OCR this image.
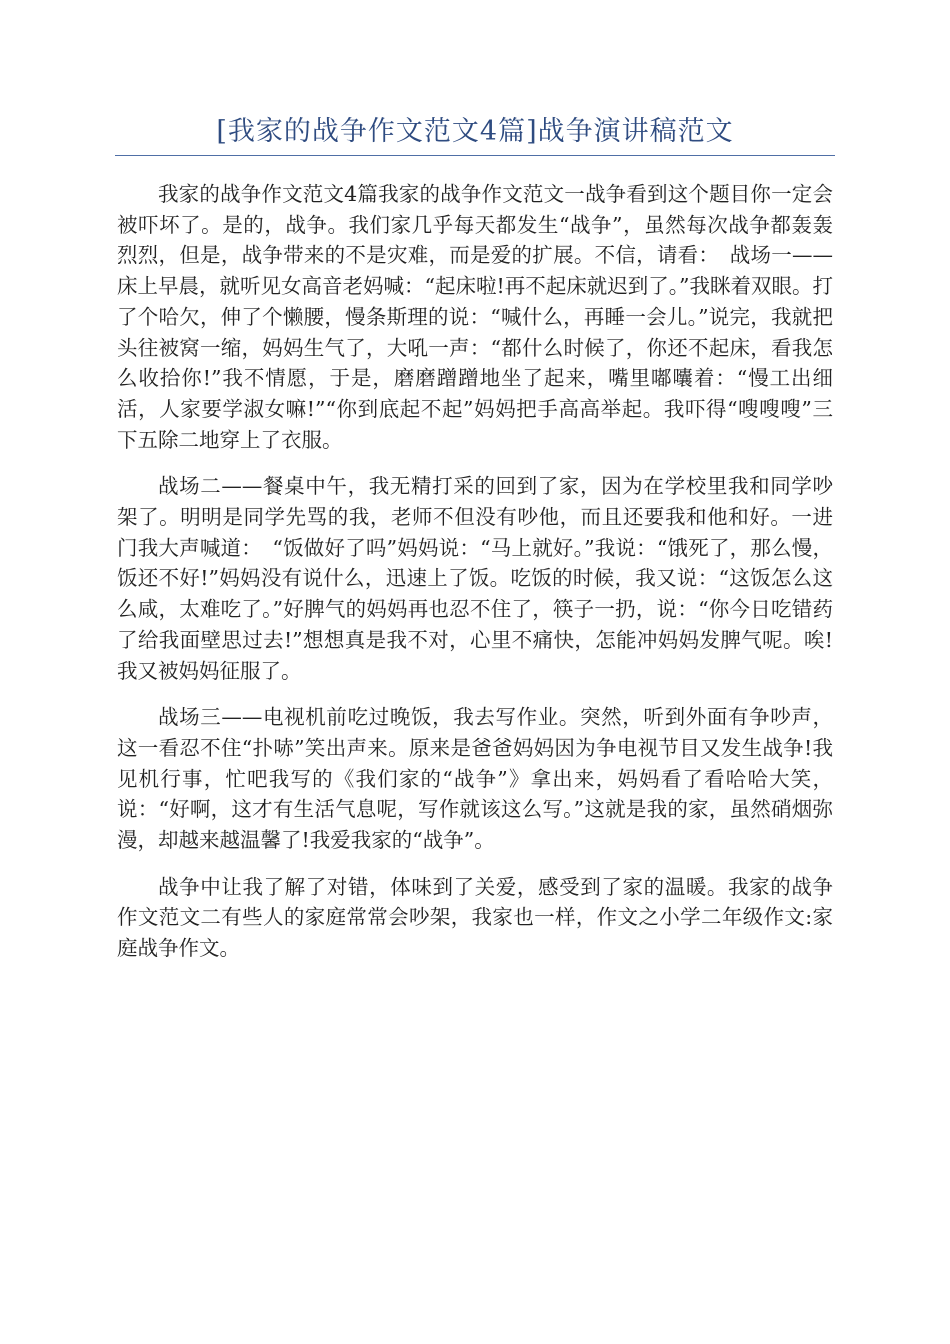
[我家的战争作文范文4篇]战争演讲稿范文

我家的战争作文范文4篇我家的战争作文范文一战争看到这个题目你一定会被吓坏了。是的，战争。我们家几乎每天都发生“战争”，虽然每次战争都轰轰烈烈，但是，战争带来的不是灾难，而是爱的扩展。不信，请看：　战场一——床上早晨，就听见女高音老妈喊：“起床啦!再不起床就迟到了。”我眯着双眼。打了个哈欠，伸了个懒腰，慢条斯理的说：“喊什么，再睡一会儿。”说完，我就把头往被窝一缩，妈妈生气了，大吼一声：“都什么时候了，你还不起床，看我怎么收拾你!”我不情愿，于是，磨磨蹭蹭地坐了起来，嘴里嘟囔着：“慢工出细活，人家要学淑女嘛!”“你到底起不起”妈妈把手高高举起。我吓得“嗖嗖嗖”三下五除二地穿上了衣服。

战场二——餐桌中午，我无精打采的回到了家，因为在学校里我和同学吵架了。明明是同学先骂的我，老师不但没有吵他，而且还要我和他和好。一进门我大声喊道：　“饭做好了吗”妈妈说：“马上就好。”我说：“饿死了，那么慢，饭还不好!”妈妈没有说什么，迅速上了饭。吃饭的时候，我又说：“这饭怎么这么咸，太难吃了。”好脾气的妈妈再也忍不住了，筷子一扔，说：“你今日吃错药了给我面壁思过去!”想想真是我不对，心里不痛快，怎能冲妈妈发脾气呢。唉!我又被妈妈征服了。

战场三——电视机前吃过晚饭，我去写作业。突然，听到外面有争吵声，这一看忍不住“扑哧”笑出声来。原来是爸爸妈妈因为争电视节目又发生战争!我见机行事，忙吧我写的《我们家的“战争”》拿出来，妈妈看了看哈哈大笑，说：“好啊，这才有生活气息呢，写作就该这么写。”这就是我的家，虽然硝烟弥漫，却越来越温馨了!我爱我家的“战争”。

战争中让我了解了对错，体味到了关爱，感受到了家的温暖。我家的战争作文范文二有些人的家庭常常会吵架，我家也一样，作文之小学二年级作文:家庭战争作文。
